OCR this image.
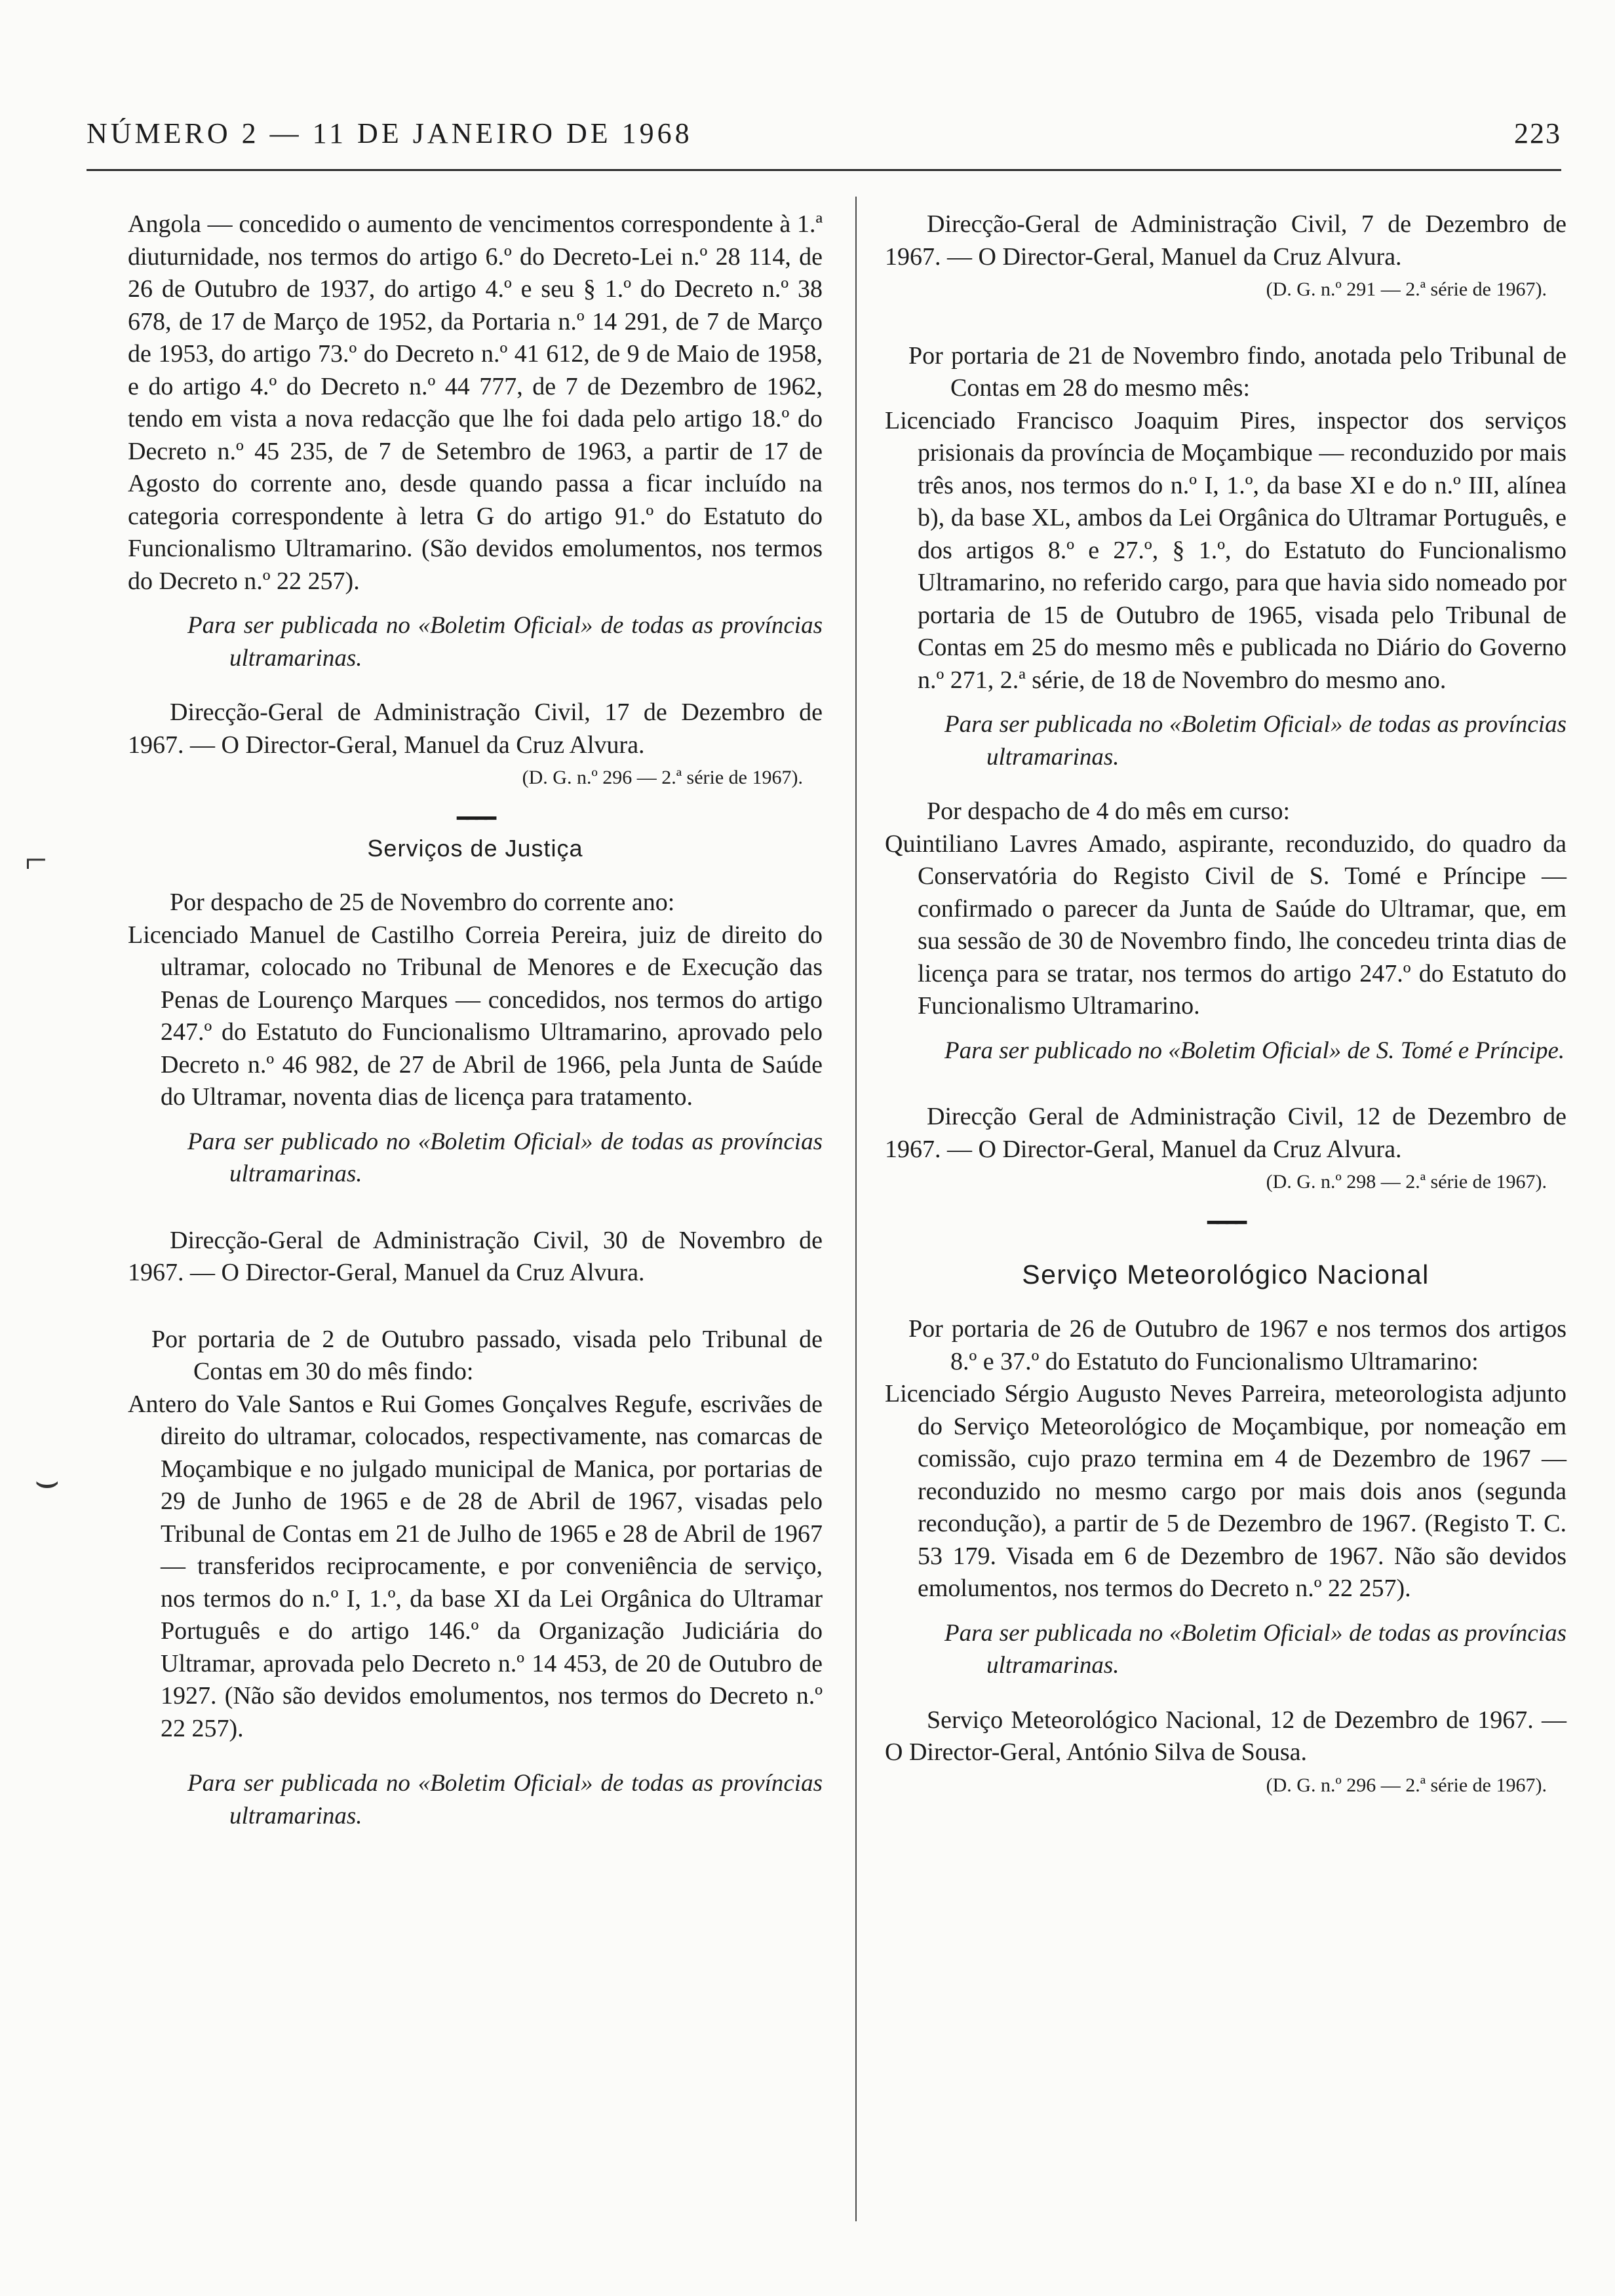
NÚMERO 2 — 11 DE JANEIRO DE 1968	223
⌐
⌣

Angola — concedido o aumento de vencimentos correspondente à 1.ª diuturnidade, nos termos do artigo 6.º do Decreto-Lei n.º 28 114, de 26 de Outubro de 1937, do artigo 4.º e seu § 1.º do Decreto n.º 38 678, de 17 de Março de 1952, da Portaria n.º 14 291, de 7 de Março de 1953, do artigo 73.º do Decreto n.º 41 612, de 9 de Maio de 1958, e do artigo 4.º do Decreto n.º 44 777, de 7 de Dezembro de 1962, tendo em vista a nova redacção que lhe foi dada pelo artigo 18.º do Decreto n.º 45 235, de 7 de Setembro de 1963, a partir de 17 de Agosto do corrente ano, desde quando passa a ficar incluído na categoria correspondente à letra G do artigo 91.º do Estatuto do Funcionalismo Ultramarino. (São devidos emolumentos, nos termos do Decreto n.º 22 257).

Para ser publicada no «Boletim Oficial» de todas as províncias ultramarinas.

Direcção-Geral de Administração Civil, 17 de Dezembro de 1967. — O Director-Geral, Manuel da Cruz Alvura.

(D. G. n.º 296 — 2.ª série de 1967).

━━━━

Serviços de Justiça

Por despacho de 25 de Novembro do corrente ano:

Licenciado Manuel de Castilho Correia Pereira, juiz de direito do ultramar, colocado no Tribunal de Menores e de Execução das Penas de Lourenço Marques — concedidos, nos termos do artigo 247.º do Estatuto do Funcionalismo Ultramarino, aprovado pelo Decreto n.º 46 982, de 27 de Abril de 1966, pela Junta de Saúde do Ultramar, noventa dias de licença para tratamento.

Para ser publicado no «Boletim Oficial» de todas as províncias ultramarinas.

Direcção-Geral de Administração Civil, 30 de Novembro de 1967. — O Director-Geral, Manuel da Cruz Alvura.

Por portaria de 2 de Outubro passado, visada pelo Tribunal de Contas em 30 do mês findo:

Antero do Vale Santos e Rui Gomes Gonçalves Regufe, escrivães de direito do ultramar, colocados, respectivamente, nas comarcas de Moçambique e no julgado municipal de Manica, por portarias de 29 de Junho de 1965 e de 28 de Abril de 1967, visadas pelo Tribunal de Contas em 21 de Julho de 1965 e 28 de Abril de 1967 — transferidos reciprocamente, e por conveniência de serviço, nos termos do n.º I, 1.º, da base XI da Lei Orgânica do Ultramar Português e do artigo 146.º da Organização Judiciária do Ultramar, aprovada pelo Decreto n.º 14 453, de 20 de Outubro de 1927. (Não são devidos emolumentos, nos termos do Decreto n.º 22 257).

Para ser publicada no «Boletim Oficial» de todas as províncias ultramarinas.

Direcção-Geral de Administração Civil, 7 de Dezembro de 1967. — O Director-Geral, Manuel da Cruz Alvura.

(D. G. n.º 291 — 2.ª série de 1967).

Por portaria de 21 de Novembro findo, anotada pelo Tribunal de Contas em 28 do mesmo mês:

Licenciado Francisco Joaquim Pires, inspector dos serviços prisionais da província de Moçambique — reconduzido por mais três anos, nos termos do n.º I, 1.º, da base XI e do n.º III, alínea b), da base XL, ambos da Lei Orgânica do Ultramar Português, e dos artigos 8.º e 27.º, § 1.º, do Estatuto do Funcionalismo Ultramarino, no referido cargo, para que havia sido nomeado por portaria de 15 de Outubro de 1965, visada pelo Tribunal de Contas em 25 do mesmo mês e publicada no Diário do Governo n.º 271, 2.ª série, de 18 de Novembro do mesmo ano.

Para ser publicada no «Boletim Oficial» de todas as províncias ultramarinas.

Por despacho de 4 do mês em curso:

Quintiliano Lavres Amado, aspirante, reconduzido, do quadro da Conservatória do Registo Civil de S. Tomé e Príncipe — confirmado o parecer da Junta de Saúde do Ultramar, que, em sua sessão de 30 de Novembro findo, lhe concedeu trinta dias de licença para se tratar, nos termos do artigo 247.º do Estatuto do Funcionalismo Ultramarino.

Para ser publicado no «Boletim Oficial» de S. Tomé e Príncipe.

Direcção Geral de Administração Civil, 12 de Dezembro de 1967. — O Director-Geral, Manuel da Cruz Alvura.

(D. G. n.º 298 — 2.ª série de 1967).

━━━━

Serviço Meteorológico Nacional

Por portaria de 26 de Outubro de 1967 e nos termos dos artigos 8.º e 37.º do Estatuto do Funcionalismo Ultramarino:

Licenciado Sérgio Augusto Neves Parreira, meteorologista adjunto do Serviço Meteorológico de Moçambique, por nomeação em comissão, cujo prazo termina em 4 de Dezembro de 1967 — reconduzido no mesmo cargo por mais dois anos (segunda recondução), a partir de 5 de Dezembro de 1967. (Registo T. C. 53 179. Visada em 6 de Dezembro de 1967. Não são devidos emolumentos, nos termos do Decreto n.º 22 257).

Para ser publicada no «Boletim Oficial» de todas as províncias ultramarinas.

Serviço Meteorológico Nacional, 12 de Dezembro de 1967. — O Director-Geral, António Silva de Sousa.

(D. G. n.º 296 — 2.ª série de 1967).
